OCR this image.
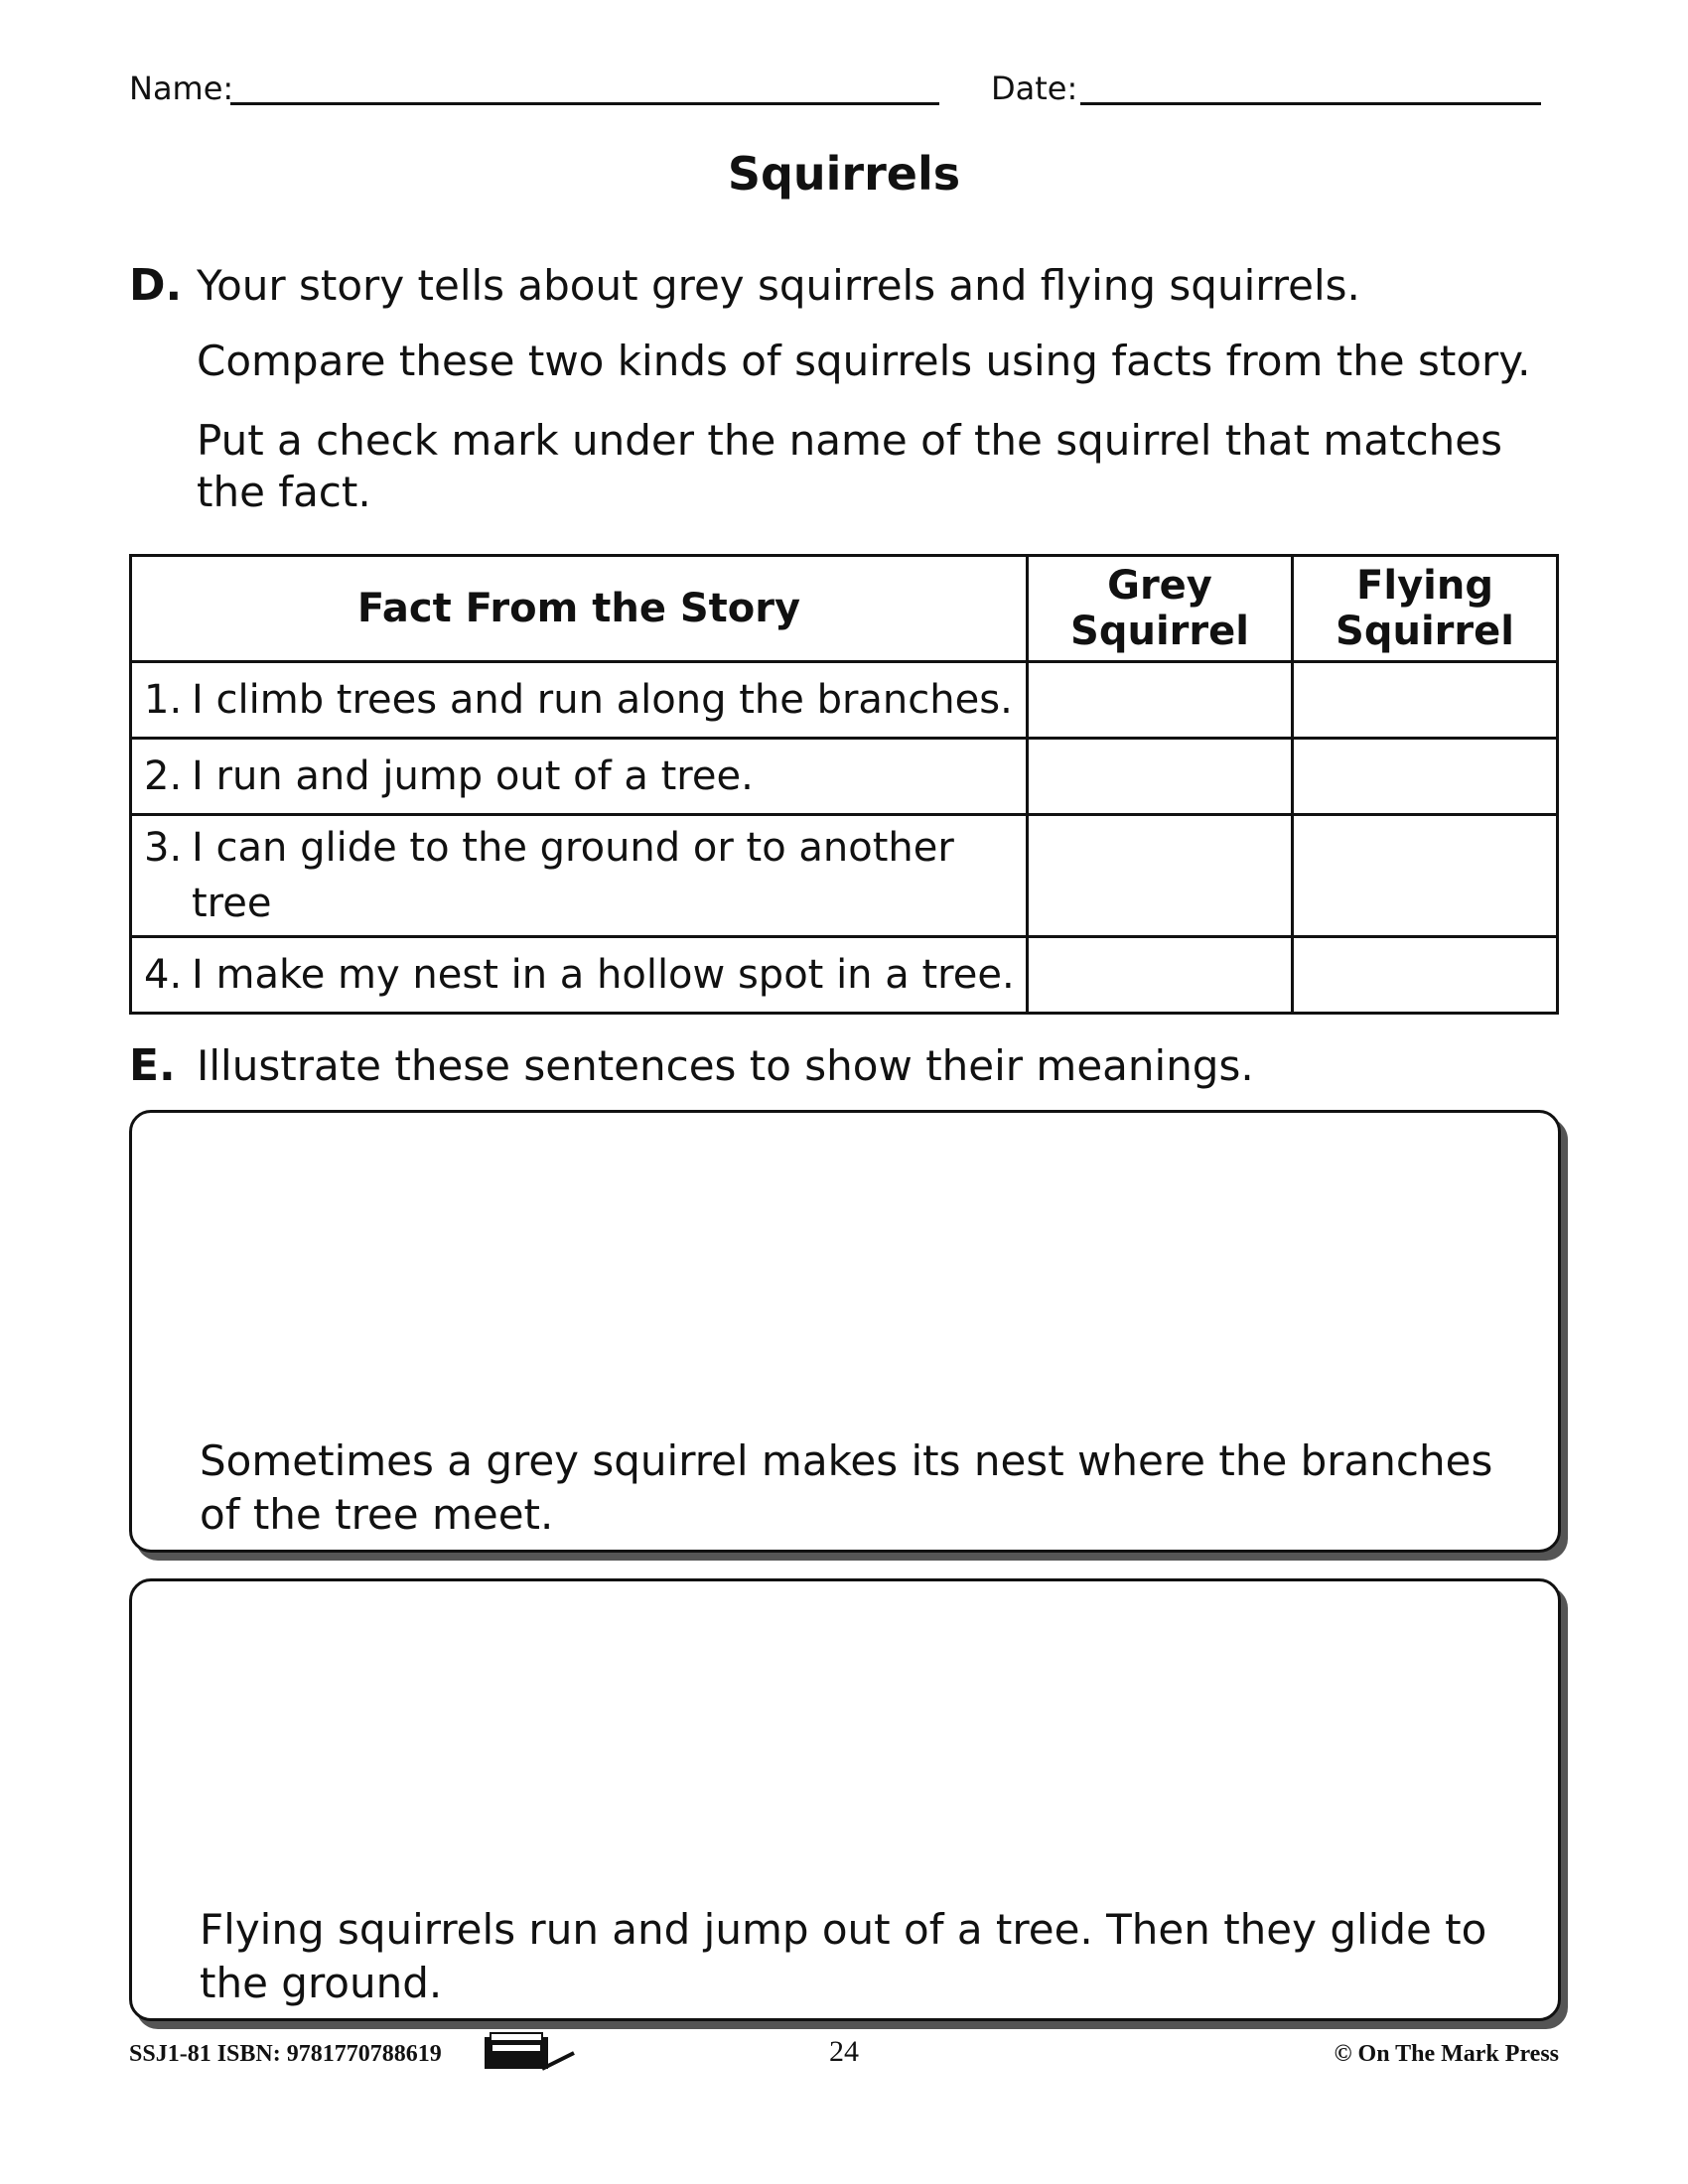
Name:	Date:
Squirrels
D. Your story tells about grey squirrels and flying squirrels.
Compare these two kinds of squirrels using facts from the story.
Put a check mark under the name of the squirrel that matches the fact.
Fact From the Story	Grey Squirrel	Flying Squirrel
1. I climb trees and run along the branches.		
2. I run and jump out of a tree.		
3. I can glide to the ground or to another
tree		

4. I make my nest in a hollow spot in a tree.		
E. Illustrate these sentences to show their meanings.
Sometimes a grey squirrel makes its nest where the branches of the tree meet.
Flying squirrels run and jump out of a tree. Then they glide to the ground.
SSJ1-81 ISBN: 9781770788619	24	© On The Mark Press
